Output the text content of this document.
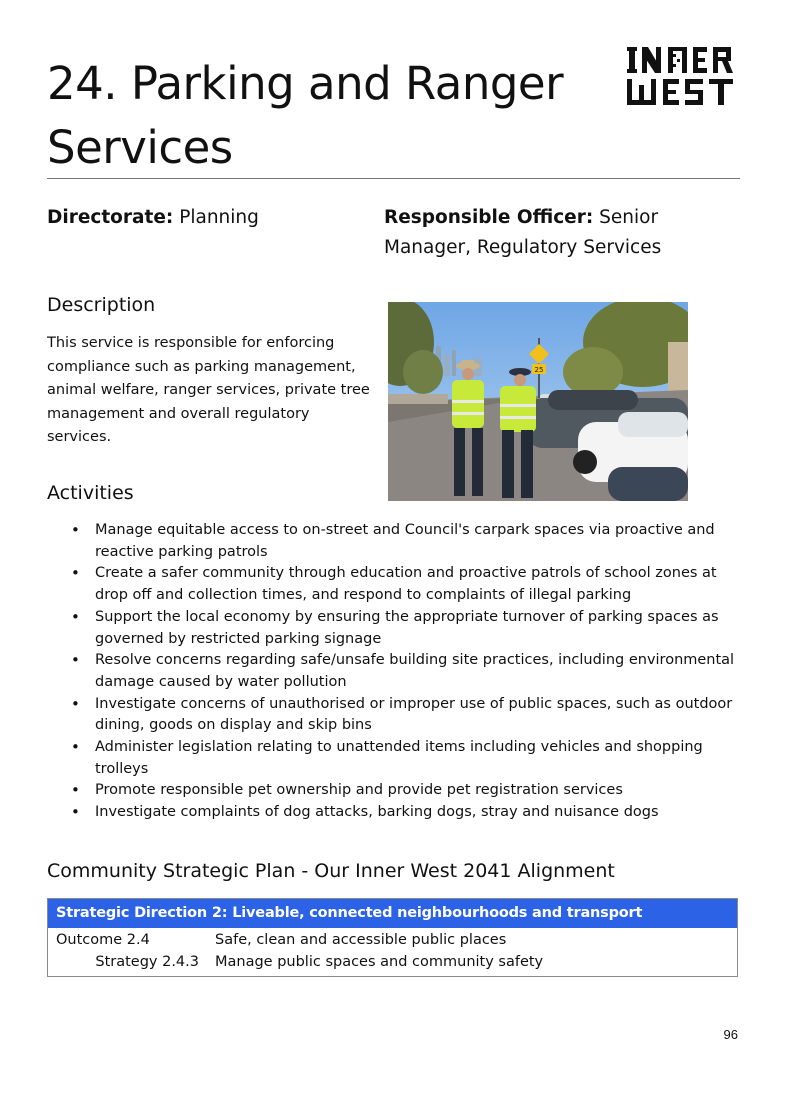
24. Parking and Ranger Services
Directorate: Planning	Responsible Officer: Senior Manager, Regulatory Services
Description

This service is responsible for enforcing compliance such as parking management, animal welfare, ranger services, private tree management and overall regulatory services.

25
Activities
• Manage equitable access to on-street and Council's carpark spaces via proactive and reactive parking patrols
• Create a safer community through education and proactive patrols of school zones at drop off and collection times, and respond to complaints of illegal parking
• Support the local economy by ensuring the appropriate turnover of parking spaces as governed by restricted parking signage
• Resolve concerns regarding safe/unsafe building site practices, including environmental damage caused by water pollution
• Investigate concerns of unauthorised or improper use of public spaces, such as outdoor dining, goods on display and skip bins
• Administer legislation relating to unattended items including vehicles and shopping trolleys
• Promote responsible pet ownership and provide pet registration services
• Investigate complaints of dog attacks, barking dogs, stray and nuisance dogs
Community Strategic Plan - Our Inner West 2041 Alignment
Strategic Direction 2: Liveable, connected neighbourhoods and transport
Outcome 2.4	Safe, clean and accessible public places
Strategy 2.4.3	Manage public spaces and community safety
96
